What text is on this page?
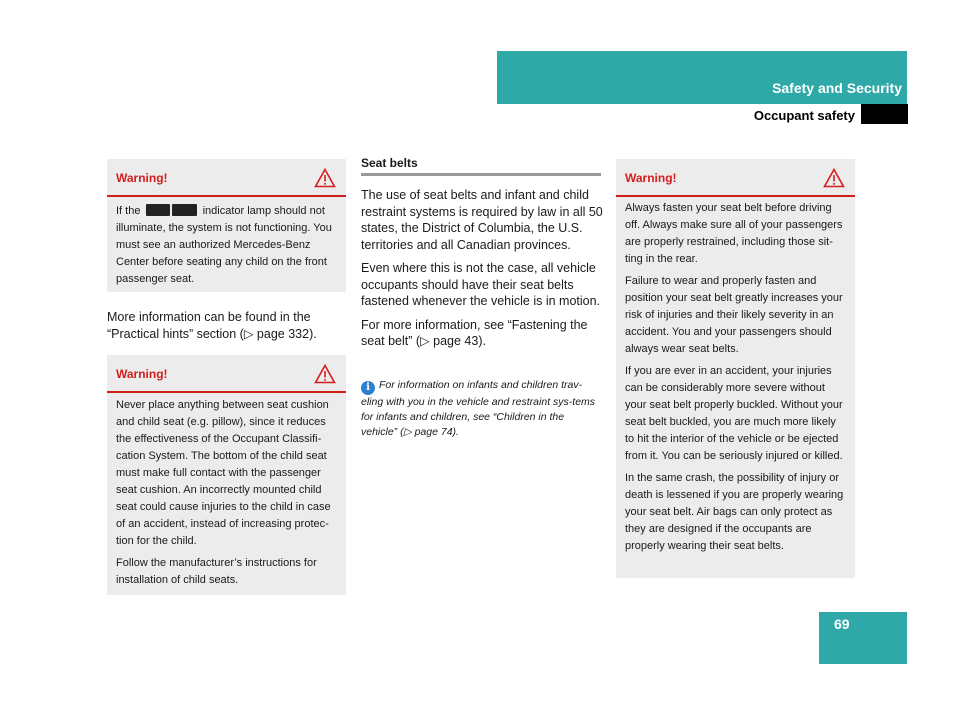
Safety and Security
Occupant safety
Warning!

If the	indicator lamp should not illuminate, the system is not functioning. You must see an authorized Mercedes-Benz Center before seating any child on the front passenger seat.

More information can be found in the “Practical hints” section (▷ page 332).

Warning!

Never place anything between seat cushion and child seat (e.g. pillow), since it reduces the effectiveness of the Occupant Classifi-cation System. The bottom of the child seat must make full contact with the passenger seat cushion. An incorrectly mounted child seat could cause injuries to the child in case of an accident, instead of increasing protec-tion for the child.

Follow the manufacturer’s instructions for installation of child seats.

Seat belts

The use of seat belts and infant and child restraint systems is required by law in all 50 states, the District of Columbia, the U.S. territories and all Canadian provinces.

Even where this is not the case, all vehicle occupants should have their seat belts fastened whenever the vehicle is in motion.

For more information, see “Fastening the seat belt” (▷ page 43).

i For information on infants and children trav-eling with you in the vehicle and restraint sys-tems for infants and children, see “Children in the vehicle” (▷ page 74).
Warning!

Always fasten your seat belt before driving off. Always make sure all of your passengers are properly restrained, including those sit-ting in the rear.

Failure to wear and properly fasten and position your seat belt greatly increases your risk of injuries and their likely severity in an accident. You and your passengers should always wear seat belts.

If you are ever in an accident, your injuries can be considerably more severe without your seat belt properly buckled. Without your seat belt buckled, you are much more likely to hit the interior of the vehicle or be ejected from it. You can be seriously injured or killed.

In the same crash, the possibility of injury or death is lessened if you are properly wearing your seat belt. Air bags can only protect as they are designed if the occupants are properly wearing their seat belts.

69
